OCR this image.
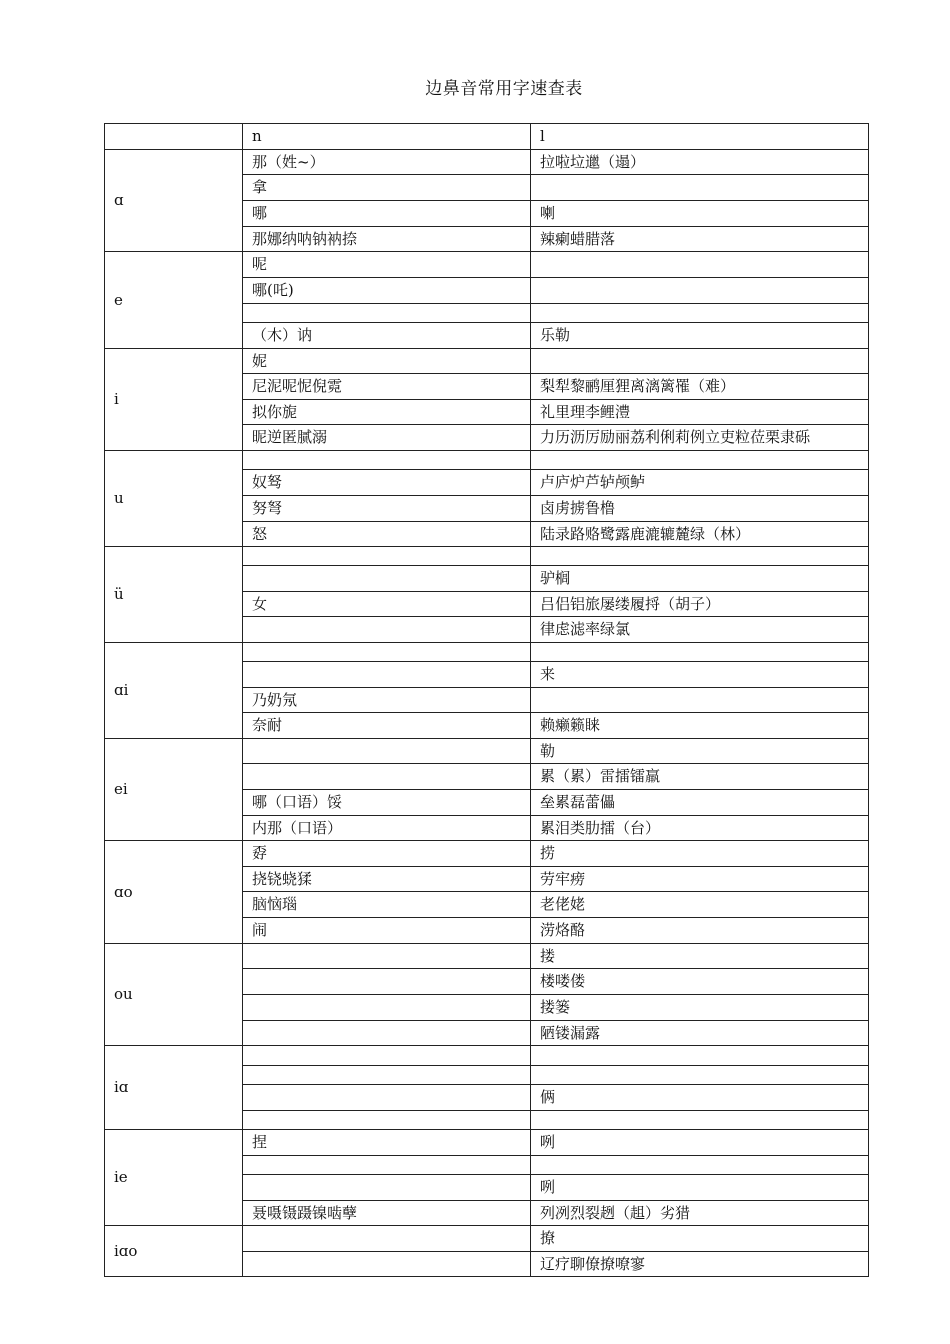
边鼻音常用字速查表
	n	l
ɑ	那（姓~）	拉啦垃邋（遢）
	拿	
	哪	喇
	那娜纳呐钠衲捺	辣瘌蜡腊落
e	呢	
	哪(吒)	

	（木）讷	乐勒
i	妮	
	尼泥呢怩倪霓	梨犁黎鹂厘狸离漓篱罹（难）
	拟你旎	礼里理李鲤澧
	昵逆匿腻溺	力历沥厉励丽荔利俐莉例立吏粒莅栗隶砾
u		
	奴驽	卢庐炉芦轳颅鲈
	努弩	卤虏掳鲁橹
	怒	陆录路赂鹭露鹿漉辘麓绿（林）
ü		
		驴榈
	女	吕侣铝旅屡缕履捋（胡子）
		律虑滤率绿氯
ɑi		
		来
	乃奶氖	
	奈耐	赖癞籁睐
ei		勒
		累（累）雷擂镭羸
	哪（口语）馁	垒累磊蕾儡
	内那（口语）	累泪类肋擂（台）
ɑo	孬	捞
	挠铙蛲猱	劳牢痨
	脑恼瑙	老佬姥
	闹	涝烙酪
ou		搂
		楼喽偻
		搂篓
		陋镂漏露
iɑ		

		俩

ie	捏	咧

		咧
	聂嗫镊蹑镍啮孽	列冽烈裂趔（趄）劣猎
iɑo		撩
		辽疗聊僚撩嘹寥
